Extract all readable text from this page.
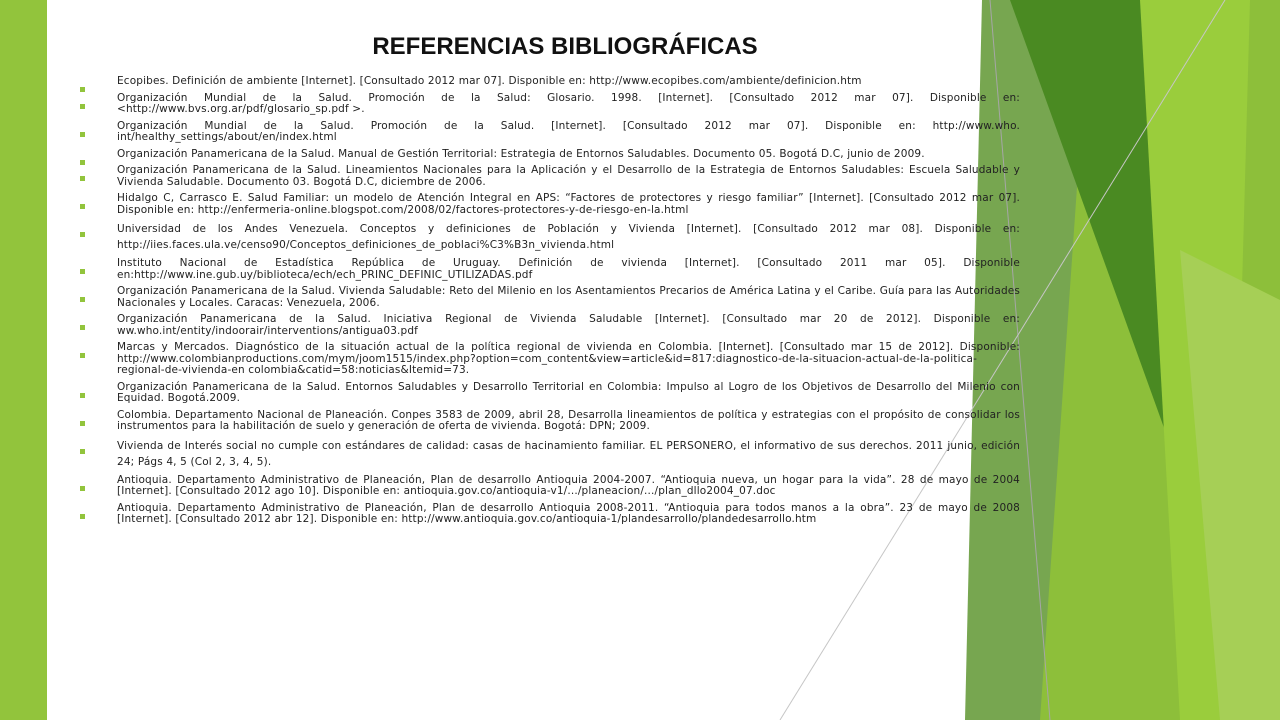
REFERENCIAS BIBLIOGRÁFICAS
Ecopibes. Definición de ambiente [Internet]. [Consultado 2012 mar 07]. Disponible en: http://www.ecopibes.com/ambiente/definicion.htm
Organización Mundial de la Salud. Promoción de la Salud: Glosario. 1998. [Internet]. [Consultado 2012 mar 07]. Disponible en: <http://www.bvs.org.ar/pdf/glosario_sp.pdf >.
Organización Mundial de la Salud. Promoción de la Salud. [Internet]. [Consultado 2012 mar 07]. Disponible en: http://www.who. int/healthy_settings/about/en/index.html
Organización Panamericana de la Salud. Manual de Gestión Territorial: Estrategia de Entornos Saludables. Documento 05. Bogotá D.C, junio de 2009.
Organización Panamericana de la Salud. Lineamientos Nacionales para la Aplicación y el Desarrollo de la Estrategia de Entornos Saludables: Escuela Saludable y Vivienda Saludable. Documento 03. Bogotá D.C, diciembre de 2006.
Hidalgo C, Carrasco E. Salud Familiar: un modelo de Atención Integral en APS: “Factores de protectores y riesgo familiar” [Internet]. [Consultado 2012 mar 07]. Disponible en: http://enfermeria-online.blogspot.com/2008/02/factores-protectores-y-de-riesgo-en-la.html
Universidad de los Andes Venezuela. Conceptos y definiciones de Población y Vivienda [Internet]. [Consultado 2012 mar 08]. Disponible en: http://iies.faces.ula.ve/censo90/Conceptos_definiciones_de_poblaci%C3%B3n_vivienda.html
Instituto Nacional de Estadística República de Uruguay. Definición de vivienda [Internet]. [Consultado 2011 mar 05]. Disponible en:http://www.ine.gub.uy/biblioteca/ech/ech_PRINC_DEFINIC_UTILIZADAS.pdf
Organización Panamericana de la Salud. Vivienda Saludable: Reto del Milenio en los Asentamientos Precarios de América Latina y el Caribe. Guía para las Autoridades Nacionales y Locales. Caracas: Venezuela, 2006.
Organización Panamericana de la Salud. Iniciativa Regional de Vivienda Saludable [Internet]. [Consultado mar 20 de 2012]. Disponible en: ww.who.int/entity/indoorair/interventions/antigua03.pdf
Marcas y Mercados. Diagnóstico de la situación actual de la política regional de vivienda en Colombia. [Internet]. [Consultado mar 15 de 2012]. Disponible: http://www.colombianproductions.com/mym/joom1515/index.php?option=com_content&view=article&id=817:diagnostico-de-la-situacion-actual-de-la-politica-regional-de-vivienda-en colombia&catid=58:noticias&Itemid=73.
Organización Panamericana de la Salud. Entornos Saludables y Desarrollo Territorial en Colombia: Impulso al Logro de los Objetivos de Desarrollo del Milenio con Equidad. Bogotá.2009.
Colombia. Departamento Nacional de Planeación. Conpes 3583 de 2009, abril 28, Desarrolla lineamientos de política y estrategias con el propósito de consolidar los instrumentos para la habilitación de suelo y generación de oferta de vivienda. Bogotá: DPN; 2009.
Vivienda de Interés social no cumple con estándares de calidad: casas de hacinamiento familiar. EL PERSONERO, el informativo de sus derechos. 2011 junio, edición 24; Págs 4, 5 (Col 2, 3, 4, 5).
Antioquia. Departamento Administrativo de Planeación, Plan de desarrollo Antioquia 2004-2007. “Antioquia nueva, un hogar para la vida”. 28 de mayo de 2004 [Internet]. [Consultado 2012 ago 10]. Disponible en: antioquia.gov.co/antioquia-v1/.../planeacion/.../plan_dllo2004_07.doc
Antioquia. Departamento Administrativo de Planeación, Plan de desarrollo Antioquia 2008-2011. “Antioquia para todos manos a la obra”. 23 de mayo de 2008 [Internet]. [Consultado 2012 abr 12]. Disponible en: http://www.antioquia.gov.co/antioquia-1/plandesarrollo/plandedesarrollo.htm
